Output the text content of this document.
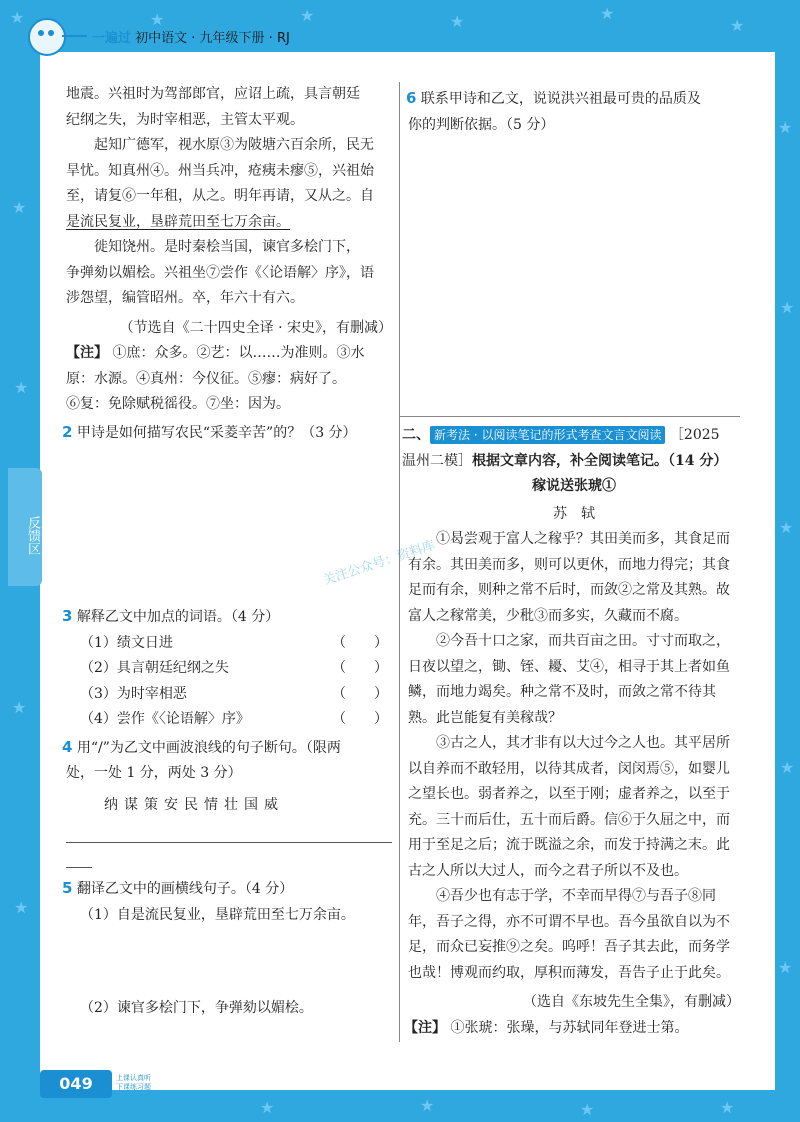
★	★	★	★	★
★
★
★
★
★
★
★
★
★
★
★	★	★	★
一遍过 初中语文 · 九年级下册 · RJ
反馈区
关注公众号：资料库

地震。兴祖时为驾部郎官，应诏上疏，具言朝廷

纪纲之失，为时宰相恶，主管太平观。

起知广德军，视水原③为陂塘六百余所，民无

旱忧。知真州④。州当兵冲，疮痍未瘳⑤，兴祖始

至，请复⑥一年租，从之。明年再请，又从之。自

是流民复业，垦辟荒田至七万余亩。

徙知饶州。是时秦桧当国，谏官多桧门下，

争弹劾以媚桧。兴祖坐⑦尝作《〈论语解〉序》，语

涉怨望，编管昭州。卒，年六十有六。

（节选自《二十四史全译 · 宋史》，有删减）

【注】 ①庶：众多。②艺：以……为准则。③水

原：水源。④真州：今仪征。⑤瘳：病好了。

⑥复：免除赋税徭役。⑦坐：因为。

2 甲诗是如何描写农民“采菱辛苦”的？（3 分）

3 解释乙文中加点的词语。（4 分）

（1）绩文日进	（　　）
（2）具言朝廷纪纲之失	（　　）
（3）为时宰相恶	（　　）
（4）尝作《〈论语解〉序》	（　　）

4 用“/”为乙文中画波浪线的句子断句。（限两

处，一处 1 分，两处 3 分）

纳谋策安民情壮国威

5 翻译乙文中的画横线句子。（4 分）

（1）自是流民复业，垦辟荒田至七万余亩。

（2）谏官多桧门下，争弹劾以媚桧。

6 联系甲诗和乙文，说说洪兴祖最可贵的品质及

你的判断依据。（5 分）

二、 新考法 · 以阅读笔记的形式考查文言文阅读 ［2025

温州二模］根据文章内容，补全阅读笔记。（14 分）

稼说送张琥①

苏　轼

①曷尝观于富人之稼乎？其田美而多，其食足而有余。其田美而多，则可以更休，而地力得完；其食足而有余，则种之常不后时，而敛②之常及其熟。故富人之稼常美，少秕③而多实，久藏而不腐。

②今吾十口之家，而共百亩之田。寸寸而取之，日夜以望之，锄、铚、耰、艾④，相寻于其上者如鱼鳞，而地力竭矣。种之常不及时，而敛之常不待其熟。此岂能复有美稼哉？

③古之人，其才非有以大过今之人也。其平居所以自养而不敢轻用，以待其成者，闵闵焉⑤，如婴儿之望长也。弱者养之，以至于刚；虚者养之，以至于充。三十而后仕，五十而后爵。信⑥于久屈之中，而用于至足之后；流于既溢之余，而发于持满之末。此古之人所以大过人，而今之君子所以不及也。

④吾少也有志于学，不幸而早得⑦与吾子⑧同年，吾子之得，亦不可谓不早也。吾今虽欲自以为不足，而众已妄推⑨之矣。呜呼！吾子其去此，而务学也哉！博观而约取，厚积而薄发，吾告子止于此矣。

（选自《东坡先生全集》，有删减）

【注】 ①张琥：张璪，与苏轼同年登进士第。

049	上课认真听
下课练习题
